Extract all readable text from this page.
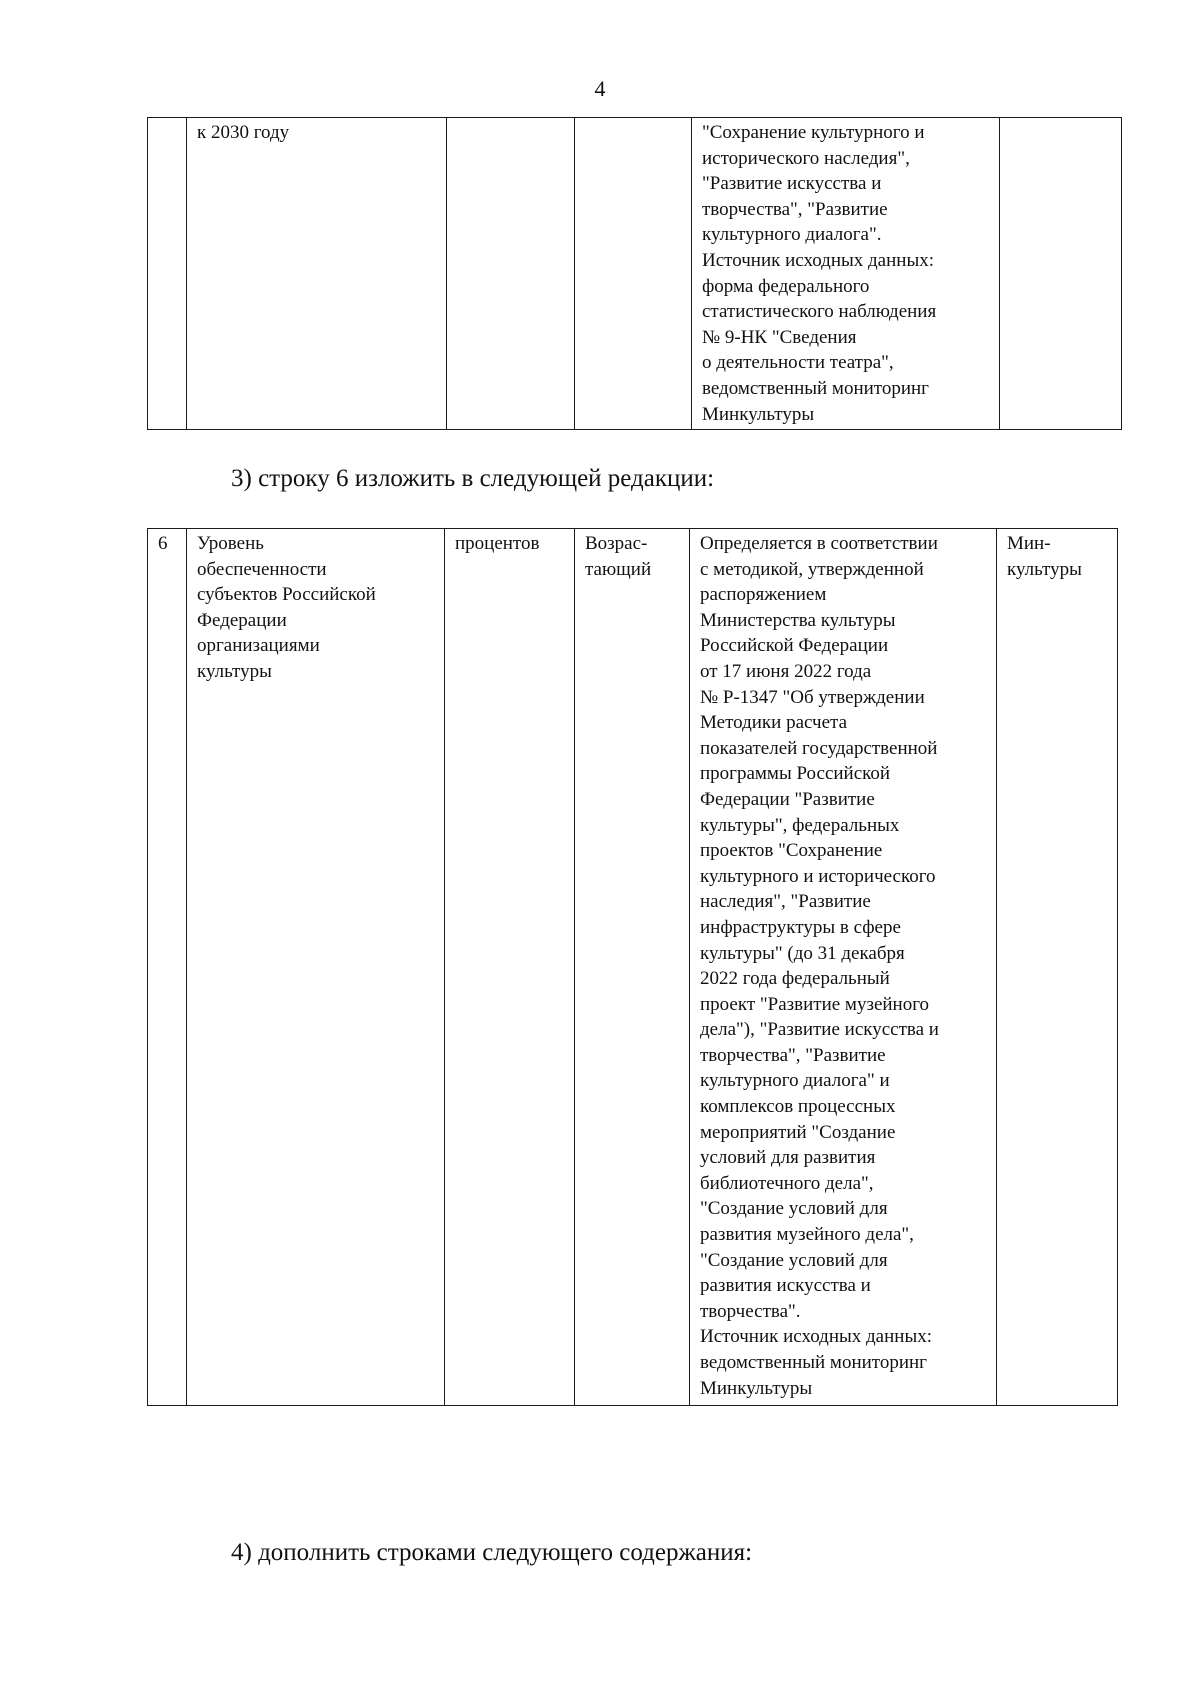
4
	к 2030 году			"Сохранение культурного и
исторического наследия",
"Развитие искусства и
творчества", "Развитие
культурного диалога".
Источник исходных данных:
форма федерального
статистического наблюдения
№ 9-НК "Сведения
о деятельности театра",
ведомственный мониторинг
Минкультуры	
3) строку 6 изложить в следующей редакции:
6	Уровень
обеспеченности
субъектов Российской
Федерации
организациями
культуры	процентов	Возрас-
тающий	Определяется в соответствии
с методикой, утвержденной
распоряжением
Министерства культуры
Российской Федерации
от 17 июня 2022 года
№ Р-1347 "Об утверждении
Методики расчета
показателей государственной
программы Российской
Федерации "Развитие
культуры", федеральных
проектов "Сохранение
культурного и исторического
наследия", "Развитие
инфраструктуры в сфере
культуры" (до 31 декабря
2022 года федеральный
проект "Развитие музейного
дела"), "Развитие искусства и
творчества", "Развитие
культурного диалога" и
комплексов процессных
мероприятий "Создание
условий для развития
библиотечного дела",
"Создание условий для
развития музейного дела",
"Создание условий для
развития искусства и
творчества".
Источник исходных данных:
ведомственный мониторинг
Минкультуры	Мин-
культуры
4) дополнить строками следующего содержания:
